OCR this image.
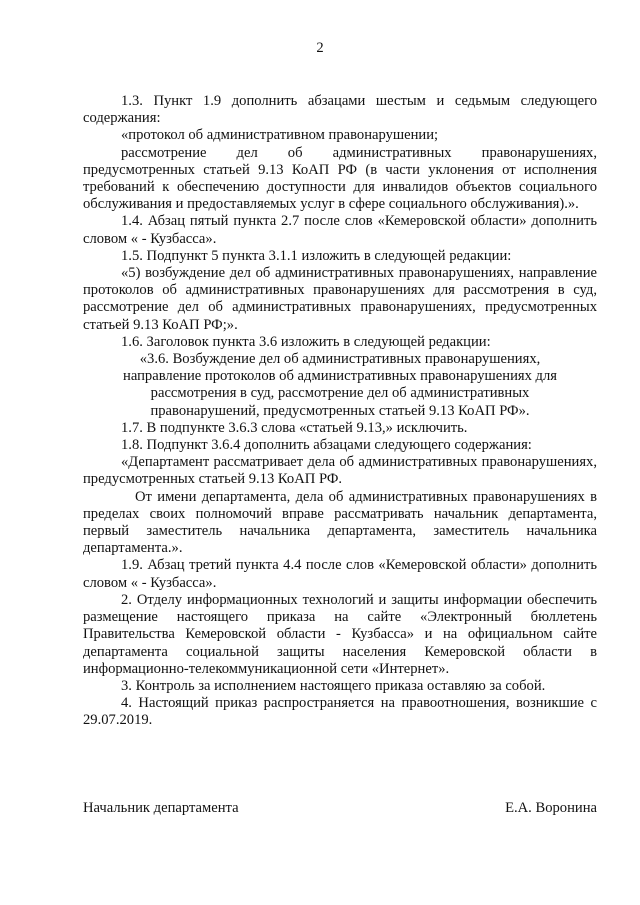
2

1.3. Пункт 1.9 дополнить абзацами шестым и седьмым следующего содержания:

«протокол об административном правонарушении;

рассмотрение дел об административных правонарушениях, предусмотренных статьей 9.13 КоАП РФ (в части уклонения от исполнения требований к обеспечению доступности для инвалидов объектов социального обслуживания и предоставляемых услуг в сфере социального обслуживания).».

1.4. Абзац пятый пункта 2.7 после слов «Кемеровской области» дополнить словом « - Кузбасса».

1.5. Подпункт 5 пункта 3.1.1 изложить в следующей редакции:

«5) возбуждение дел об административных правонарушениях, направление протоколов об административных правонарушениях для рассмотрения в суд, рассмотрение дел об административных правонарушениях, предусмотренных статьей 9.13 КоАП РФ;».

1.6. Заголовок пункта 3.6 изложить в следующей редакции:

«3.6. Возбуждение дел об административных правонарушениях, направление протоколов об административных правонарушениях для рассмотрения в суд, рассмотрение дел об административных правонарушений, предусмотренных статьей 9.13 КоАП РФ».

1.7. В подпункте 3.6.3 слова «статьей 9.13,» исключить.

1.8. Подпункт 3.6.4 дополнить абзацами следующего содержания:

«Департамент рассматривает дела об административных правонарушениях, предусмотренных статьей 9.13 КоАП РФ.

От имени департамента, дела об административных правонарушениях в пределах своих полномочий вправе рассматривать начальник департамента, первый заместитель начальника департамента, заместитель начальника департамента.».

1.9. Абзац третий пункта 4.4 после слов «Кемеровской области» дополнить словом « - Кузбасса».

2. Отделу информационных технологий и защиты информации обеспечить размещение настоящего приказа на сайте «Электронный бюллетень Правительства Кемеровской области - Кузбасса» и на официальном сайте департамента социальной защиты населения Кемеровской области в информационно-телекоммуникационной сети «Интернет».

3. Контроль за исполнением настоящего приказа оставляю за собой.

4. Настоящий приказ распространяется на правоотношения, возникшие с 29.07.2019.

Начальник департамента	Е.А. Воронина
